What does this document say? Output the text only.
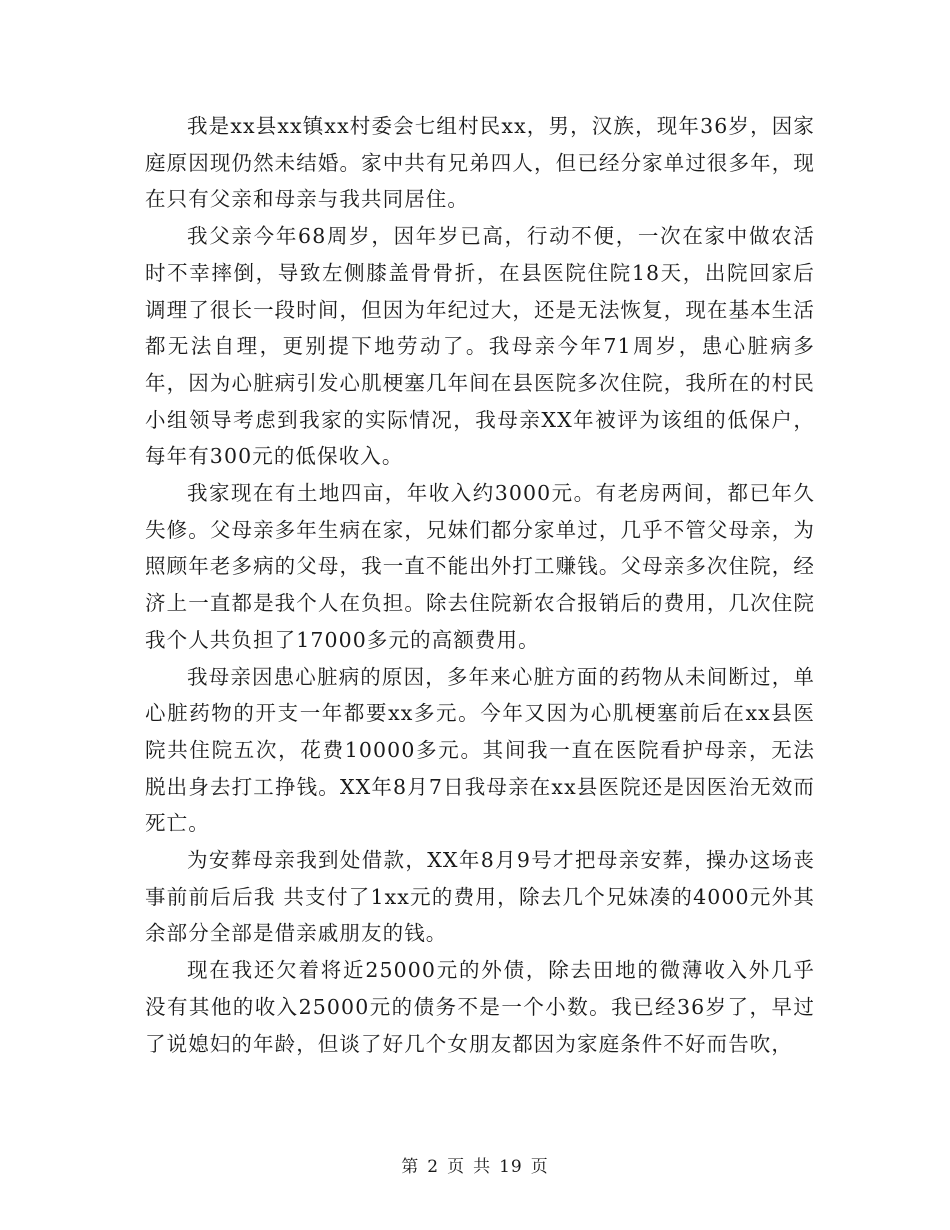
我是xx县xx镇xx村委会七组村民xx，男，汉族，现年36岁，因家庭原因现仍然未结婚。家中共有兄弟四人，但已经分家单过很多年，现在只有父亲和母亲与我共同居住。

我父亲今年68周岁，因年岁已高，行动不便，一次在家中做农活时不幸摔倒，导致左侧膝盖骨骨折，在县医院住院18天，出院回家后调理了很长一段时间，但因为年纪过大，还是无法恢复，现在基本生活都无法自理，更别提下地劳动了。我母亲今年71周岁，患心脏病多年，因为心脏病引发心肌梗塞几年间在县医院多次住院，我所在的村民小组领导考虑到我家的实际情况，我母亲XX年被评为该组的低保户，每年有300元的低保收入。

我家现在有土地四亩，年收入约3000元。有老房两间，都已年久失修。父母亲多年生病在家，兄妹们都分家单过，几乎不管父母亲，为照顾年老多病的父母，我一直不能出外打工赚钱。父母亲多次住院，经济上一直都是我个人在负担。除去住院新农合报销后的费用，几次住院我个人共负担了17000多元的高额费用。

我母亲因患心脏病的原因，多年来心脏方面的药物从未间断过，单心脏药物的开支一年都要xx多元。今年又因为心肌梗塞前后在xx县医院共住院五次，花费10000多元。其间我一直在医院看护母亲，无法脱出身去打工挣钱。XX年8月7日我母亲在xx县医院还是因医治无效而死亡。

为安葬母亲我到处借款，XX年8月9号才把母亲安葬，操办这场丧事前前后后我 共支付了1xx元的费用，除去几个兄妹凑的4000元外其余部分全部是借亲戚朋友的钱。

现在我还欠着将近25000元的外债，除去田地的微薄收入外几乎没有其他的收入25000元的债务不是一个小数。我已经36岁了，早过了说媳妇的年龄，但谈了好几个女朋友都因为家庭条件不好而告吹，

第 2 页 共 19 页
